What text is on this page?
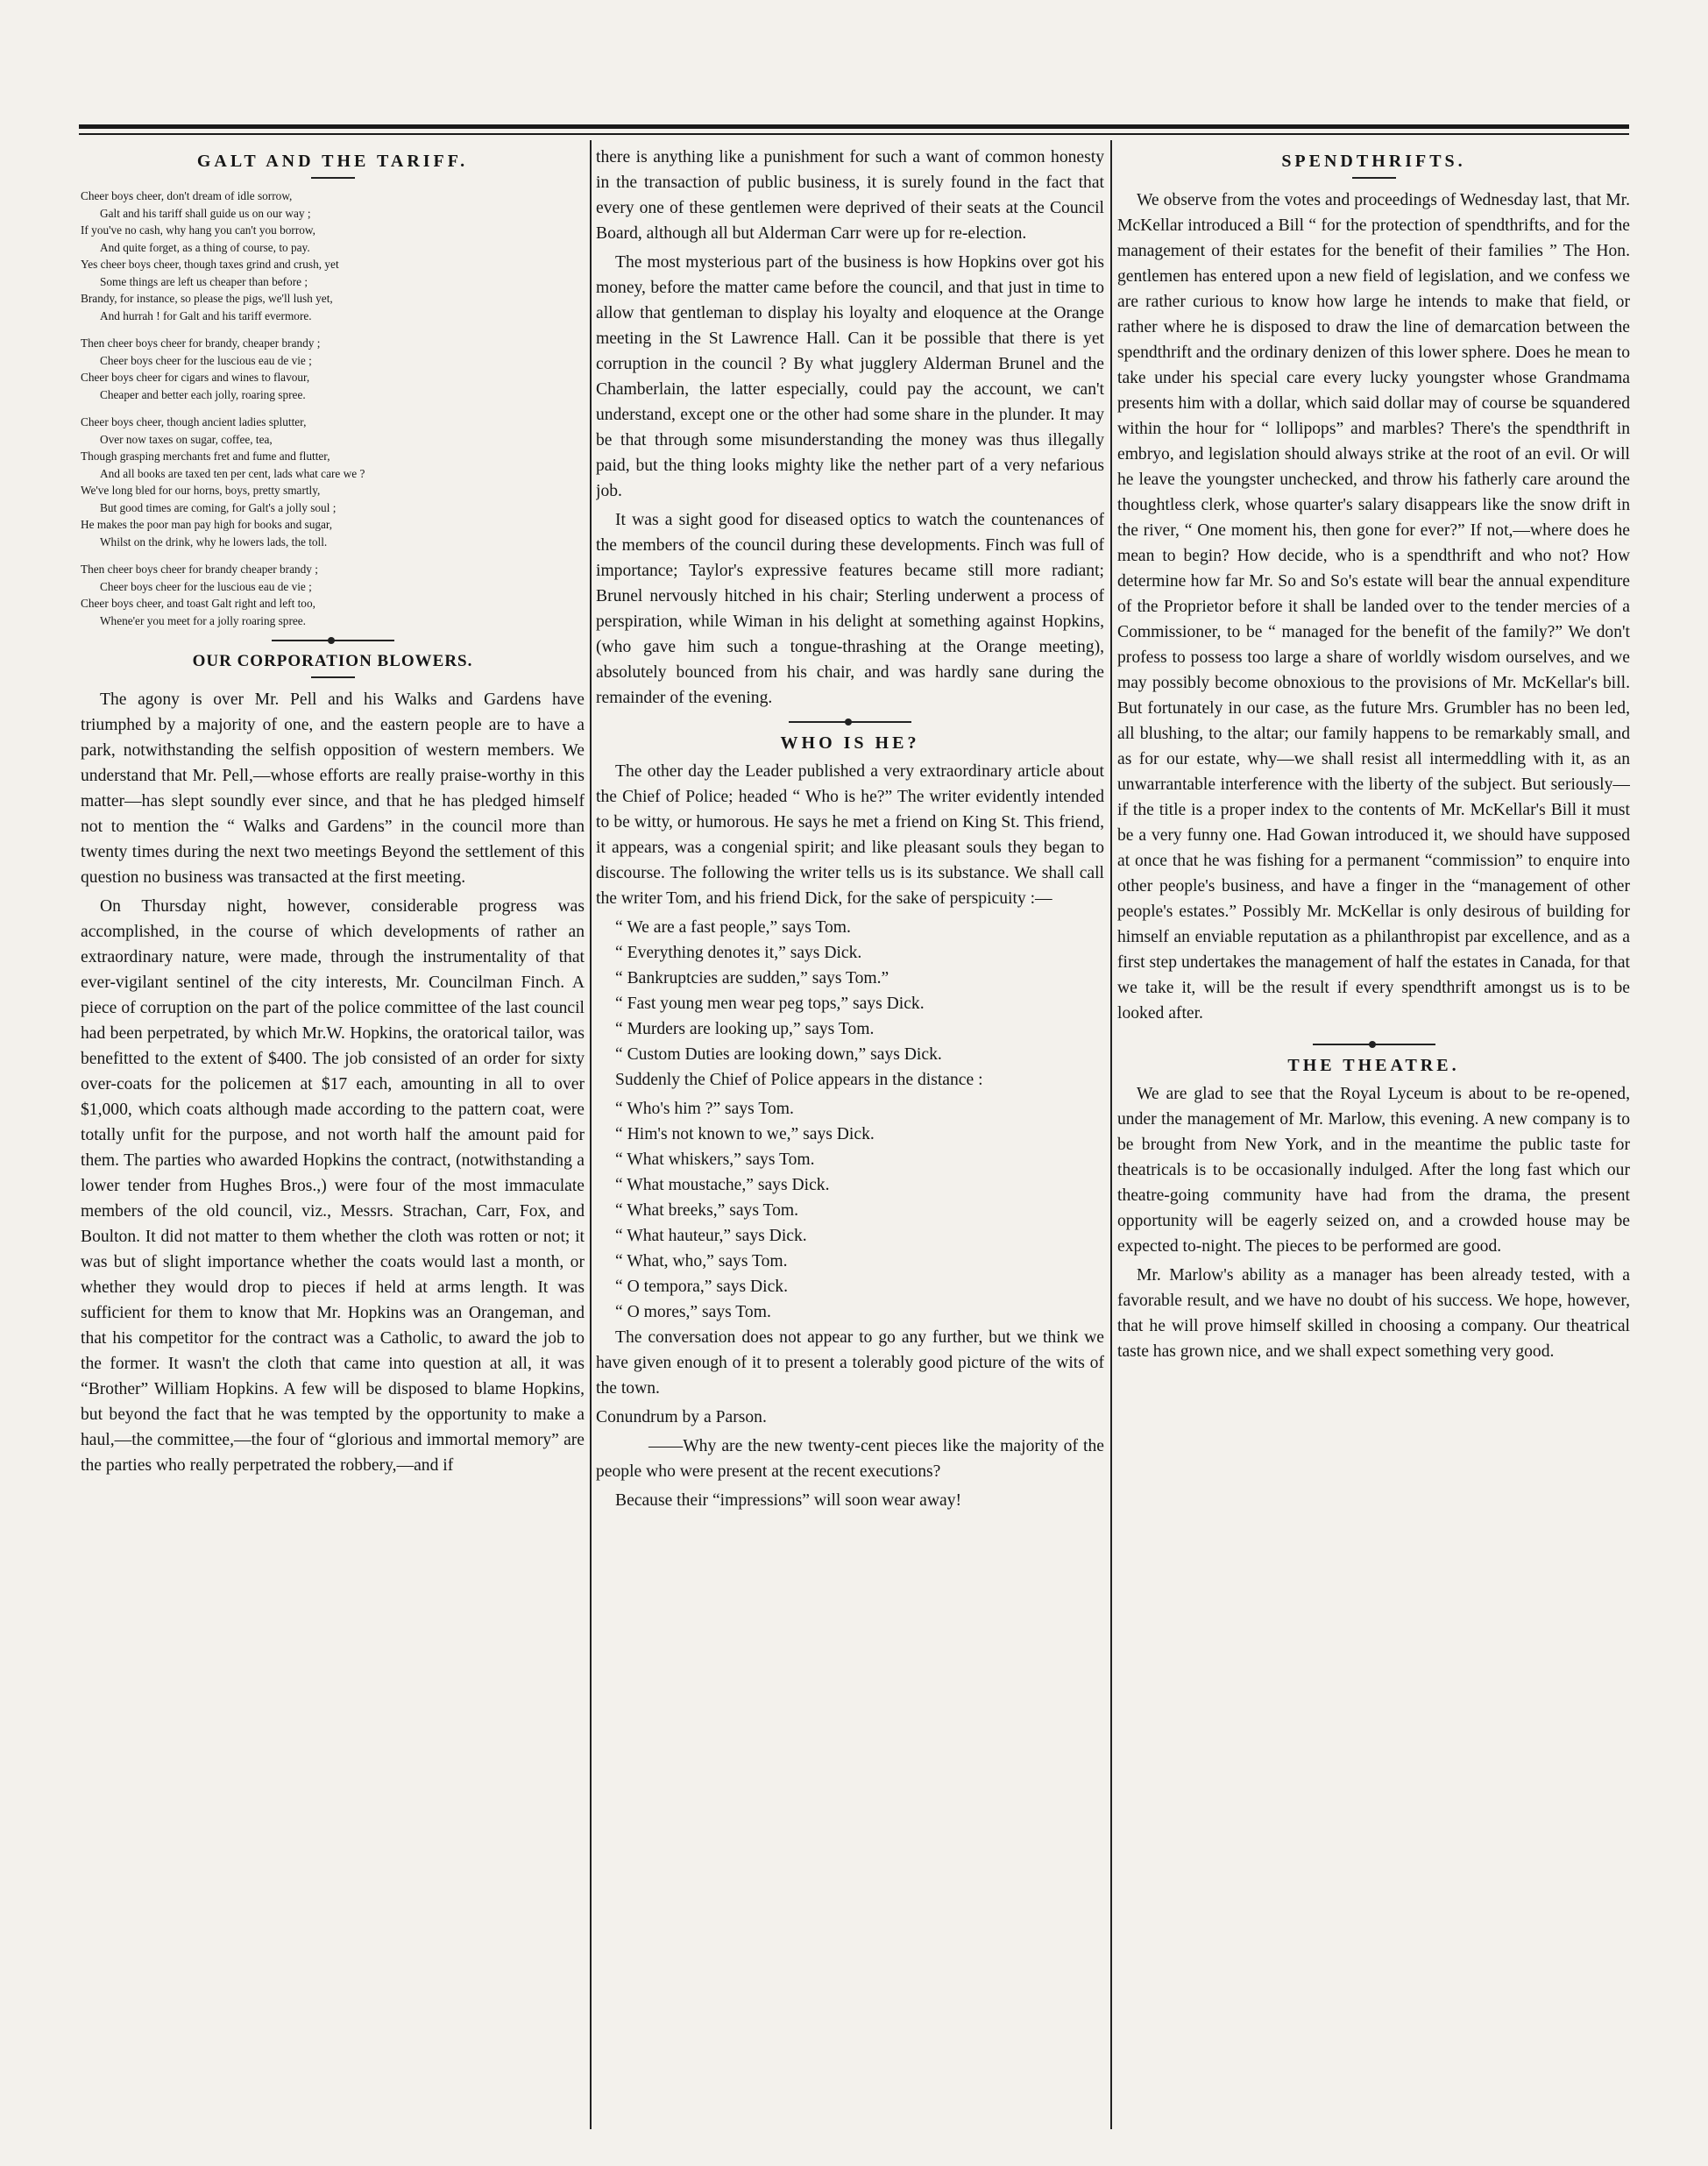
GALT AND THE TARIFF.
Cheer boys cheer, don't dream of idle sorrow,
Galt and his tariff shall guide us on our way ;
If you've no cash, why hang you can't you borrow,
And quite forget, as a thing of course, to pay.
Yes cheer boys cheer, though taxes grind and crush, yet
Some things are left us cheaper than before ;
Brandy, for instance, so please the pigs, we'll lush yet,
And hurrah ! for Galt and his tariff evermore.
Then cheer boys cheer for brandy, cheaper brandy ;
Cheer boys cheer for the luscious eau de vie ;
Cheer boys cheer for cigars and wines to flavour,
Cheaper and better each jolly, roaring spree.
Cheer boys cheer, though ancient ladies splutter,
Over now taxes on sugar, coffee, tea,
Though grasping merchants fret and fume and flutter,
And all books are taxed ten per cent, lads what care we ?
We've long bled for our horns, boys, pretty smartly,
But good times are coming, for Galt's a jolly soul ;
He makes the poor man pay high for books and sugar,
Whilst on the drink, why he lowers lads, the toll.
Then cheer boys cheer for brandy cheaper brandy ;
Cheer boys cheer for the luscious eau de vie ;
Cheer boys cheer, and toast Galt right and left too,
Whene'er you meet for a jolly roaring spree.
OUR CORPORATION BLOWERS.

The agony is over Mr. Pell and his Walks and Gardens have triumphed by a majority of one, and the eastern people are to have a park, notwithstanding the selfish opposition of western members. We understand that Mr. Pell,—whose efforts are really praise-worthy in this matter—has slept soundly ever since, and that he has pledged himself not to mention the “ Walks and Gardens” in the council more than twenty times during the next two meetings Beyond the settlement of this question no business was transacted at the first meeting.

On Thursday night, however, considerable progress was accomplished, in the course of which developments of rather an extraordinary nature, were made, through the instrumentality of that ever-vigilant sentinel of the city interests, Mr. Councilman Finch. A piece of corruption on the part of the police committee of the last council had been perpetrated, by which Mr.W. Hopkins, the oratorical tailor, was benefitted to the extent of $400. The job consisted of an order for sixty over-coats for the policemen at $17 each, amounting in all to over $1,000, which coats although made according to the pattern coat, were totally unfit for the purpose, and not worth half the amount paid for them. The parties who awarded Hopkins the contract, (notwithstanding a lower tender from Hughes Bros.,) were four of the most immaculate members of the old council, viz., Messrs. Strachan, Carr, Fox, and Boulton. It did not matter to them whether the cloth was rotten or not; it was but of slight importance whether the coats would last a month, or whether they would drop to pieces if held at arms length. It was sufficient for them to know that Mr. Hopkins was an Orangeman, and that his competitor for the contract was a Catholic, to award the job to the former. It wasn't the cloth that came into question at all, it was “Brother” William Hopkins. A few will be disposed to blame Hopkins, but beyond the fact that he was tempted by the opportunity to make a haul,—the committee,—the four of “glorious and immortal memory” are the parties who really perpetrated the robbery,—and if

there is anything like a punishment for such a want of common honesty in the transaction of public business, it is surely found in the fact that every one of these gentlemen were deprived of their seats at the Council Board, although all but Alderman Carr were up for re-election.

The most mysterious part of the business is how Hopkins over got his money, before the matter came before the council, and that just in time to allow that gentleman to display his loyalty and eloquence at the Orange meeting in the St Lawrence Hall. Can it be possible that there is yet corruption in the council ? By what jugglery Alderman Brunel and the Chamberlain, the latter especially, could pay the account, we can't understand, except one or the other had some share in the plunder. It may be that through some misunderstanding the money was thus illegally paid, but the thing looks mighty like the nether part of a very nefarious job.

It was a sight good for diseased optics to watch the countenances of the members of the council during these developments. Finch was full of importance; Taylor's expressive features became still more radiant; Brunel nervously hitched in his chair; Sterling underwent a process of perspiration, while Wiman in his delight at something against Hopkins, (who gave him such a tongue-thrashing at the Orange meeting), absolutely bounced from his chair, and was hardly sane during the remainder of the evening.

WHO IS HE?

The other day the Leader published a very extraordinary article about the Chief of Police; headed “ Who is he?” The writer evidently intended to be witty, or humorous. He says he met a friend on King St. This friend, it appears, was a congenial spirit; and like pleasant souls they began to discourse. The following the writer tells us is its substance. We shall call the writer Tom, and his friend Dick, for the sake of perspicuity :—

“ We are a fast people,” says Tom.
“ Everything denotes it,” says Dick.
“ Bankruptcies are sudden,” says Tom.”
“ Fast young men wear peg tops,” says Dick.
“ Murders are looking up,” says Tom.
“ Custom Duties are looking down,” says Dick.

Suddenly the Chief of Police appears in the distance :

“ Who's him ?” says Tom.
“ Him's not known to we,” says Dick.
“ What whiskers,” says Tom.
“ What moustache,” says Dick.
“ What breeks,” says Tom.
“ What hauteur,” says Dick.
“ What, who,” says Tom.
“ O tempora,” says Dick.
“ O mores,” says Tom.

The conversation does not appear to go any further, but we think we have given enough of it to present a tolerably good picture of the wits of the town.

Conundrum by a Parson.

——Why are the new twenty-cent pieces like the majority of the people who were present at the recent executions?

Because their “impressions” will soon wear away!

SPENDTHRIFTS.

We observe from the votes and proceedings of Wednesday last, that Mr. McKellar introduced a Bill “ for the protection of spendthrifts, and for the management of their estates for the benefit of their families ” The Hon. gentlemen has entered upon a new field of legislation, and we confess we are rather curious to know how large he intends to make that field, or rather where he is disposed to draw the line of demarcation between the spendthrift and the ordinary denizen of this lower sphere. Does he mean to take under his special care every lucky youngster whose Grandmama presents him with a dollar, which said dollar may of course be squandered within the hour for “ lollipops” and marbles? There's the spendthrift in embryo, and legislation should always strike at the root of an evil. Or will he leave the youngster unchecked, and throw his fatherly care around the thoughtless clerk, whose quarter's salary disappears like the snow drift in the river, “ One moment his, then gone for ever?” If not,—where does he mean to begin? How decide, who is a spendthrift and who not? How determine how far Mr. So and So's estate will bear the annual expenditure of the Proprietor before it shall be landed over to the tender mercies of a Commissioner, to be “ managed for the benefit of the family?” We don't profess to possess too large a share of worldly wisdom ourselves, and we may possibly become obnoxious to the provisions of Mr. McKellar's bill. But fortunately in our case, as the future Mrs. Grumbler has no been led, all blushing, to the altar; our family happens to be remarkably small, and as for our estate, why—we shall resist all intermeddling with it, as an unwarrantable interference with the liberty of the subject. But seriously—if the title is a proper index to the contents of Mr. McKellar's Bill it must be a very funny one. Had Gowan introduced it, we should have supposed at once that he was fishing for a permanent “commission” to enquire into other people's business, and have a finger in the “management of other people's estates.” Possibly Mr. McKellar is only desirous of building for himself an enviable reputation as a philanthropist par excellence, and as a first step undertakes the management of half the estates in Canada, for that we take it, will be the result if every spendthrift amongst us is to be looked after.

THE THEATRE.

We are glad to see that the Royal Lyceum is about to be re-opened, under the management of Mr. Marlow, this evening. A new company is to be brought from New York, and in the meantime the public taste for theatricals is to be occasionally indulged. After the long fast which our theatre-going community have had from the drama, the present opportunity will be eagerly seized on, and a crowded house may be expected to-night. The pieces to be performed are good.

Mr. Marlow's ability as a manager has been already tested, with a favorable result, and we have no doubt of his success. We hope, however, that he will prove himself skilled in choosing a company. Our theatrical taste has grown nice, and we shall expect something very good.
